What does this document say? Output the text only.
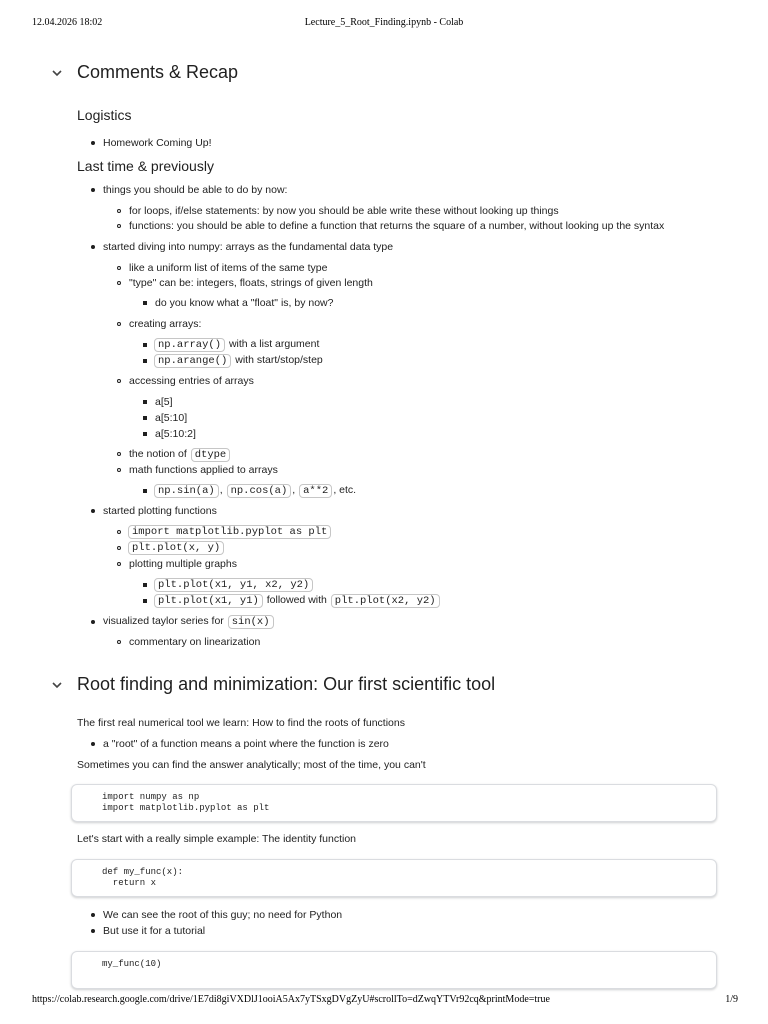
12.04.2026 18:02	Lecture_5_Root_Finding.ipynb - Colab
Comments & Recap
Logistics
Homework Coming Up!
Last time & previously
things you should be able to do by now:
for loops, if/else statements: by now you should be able write these without looking up things
functions: you should be able to define a function that returns the square of a number, without looking up the syntax
started diving into numpy: arrays as the fundamental data type
like a uniform list of items of the same type
"type" can be: integers, floats, strings of given length
do you know what a "float" is, by now?
creating arrays:
np.array() with a list argument
np.arange() with start/stop/step
accessing entries of arrays
a[5]
a[5:10]
a[5:10:2]
the notion of dtype
math functions applied to arrays
np.sin(a) , np.cos(a) , a**2 , etc.
started plotting functions
import matplotlib.pyplot as plt
plt.plot(x, y)
plotting multiple graphs
plt.plot(x1, y1, x2, y2)
plt.plot(x1, y1) followed with plt.plot(x2, y2)
visualized taylor series for sin(x)
commentary on linearization
Root finding and minimization: Our first scientific tool
The first real numerical tool we learn: How to find the roots of functions
a "root" of a function means a point where the function is zero
Sometimes you can find the answer analytically; most of the time, you can't
import numpy as np
import matplotlib.pyplot as plt
Let's start with a really simple example: The identity function
def my_func(x):
return x
We can see the root of this guy; no need for Python
But use it for a tutorial
my_func(10)
https://colab.research.google.com/drive/1E7di8giVXDlJ1ooiA5Ax7yTSxgDVgZyU#scrollTo=dZwqYTVr92cq&printMode=true	1/9
